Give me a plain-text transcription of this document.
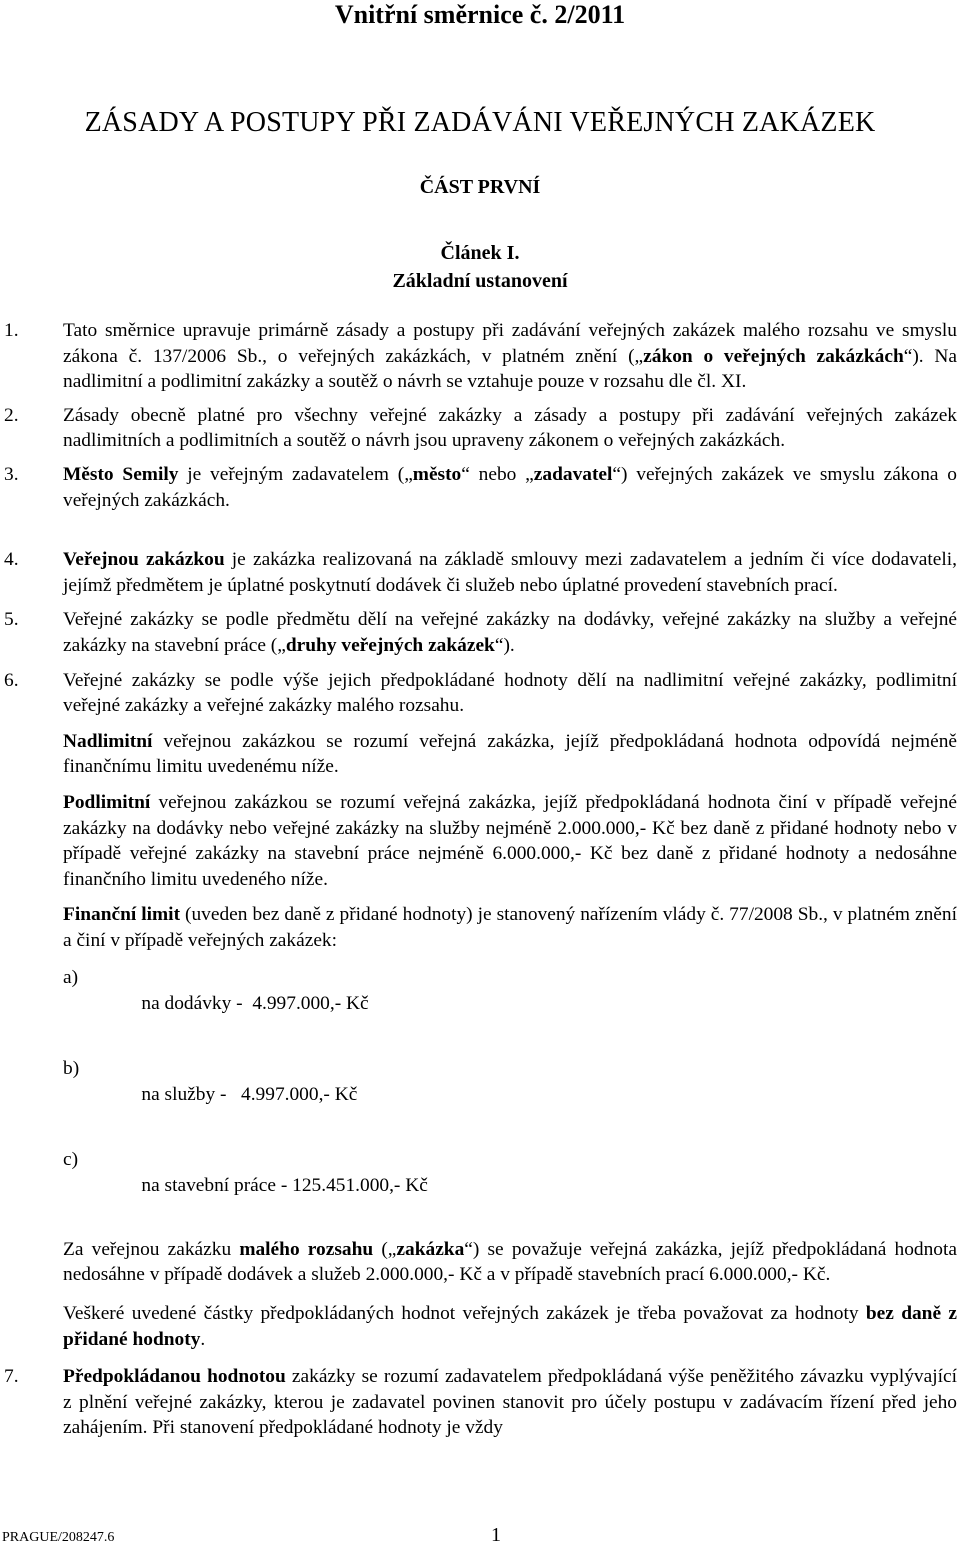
Vnitřní směrnice č. 2/2011
ZÁSADY A POSTUPY PŘI ZADÁVÁNI VEŘEJNÝCH ZAKÁZEK
ČÁST PRVNÍ
Článek I.
Základní ustanovení
1. Tato směrnice upravuje primárně zásady a postupy při zadávání veřejných zakázek malého rozsahu ve smyslu zákona č. 137/2006 Sb., o veřejných zakázkách, v platném znění („zákon o veřejných zakázkách“). Na nadlimitní a podlimitní zakázky a soutěž o návrh se vztahuje pouze v rozsahu dle čl. XI.
2. Zásady obecně platné pro všechny veřejné zakázky a zásady a postupy při zadávání veřejných zakázek nadlimitních a podlimitních a soutěž o návrh jsou upraveny zákonem o veřejných zakázkách.
3. Město Semily je veřejným zadavatelem („město“ nebo „zadavatel“) veřejných zakázek ve smyslu zákona o veřejných zakázkách.
4. Veřejnou zakázkou je zakázka realizovaná na základě smlouvy mezi zadavatelem a jedním či více dodavateli, jejímž předmětem je úplatné poskytnutí dodávek či služeb nebo úplatné provedení stavebních prací.
5. Veřejné zakázky se podle předmětu dělí na veřejné zakázky na dodávky, veřejné zakázky na služby a veřejné zakázky na stavební práce („druhy veřejných zakázek“).
6. Veřejné zakázky se podle výše jejich předpokládané hodnoty dělí na nadlimitní veřejné zakázky, podlimitní veřejné zakázky a veřejné zakázky malého rozsahu.
Nadlimitní veřejnou zakázkou se rozumí veřejná zakázka, jejíž předpokládaná hodnota odpovídá nejméně finančnímu limitu uvedenému níže.
Podlimitní veřejnou zakázkou se rozumí veřejná zakázka, jejíž předpokládaná hodnota činí v případě veřejné zakázky na dodávky nebo veřejné zakázky na služby nejméně 2.000.000,- Kč bez daně z přidané hodnoty nebo v případě veřejné zakázky na stavební práce nejméně 6.000.000,- Kč bez daně z přidané hodnoty a nedosáhne finančního limitu uvedeného níže.
Finanční limit (uveden bez daně z přidané hodnoty) je stanovený nařízením vlády č. 77/2008 Sb., v platném znění a činí v případě veřejných zakázek:

a)
na dodávky -  4.997.000,- Kč

b)
na služby -   4.997.000,- Kč

c)
na stavební práce - 125.451.000,- Kč

Za veřejnou zakázku malého rozsahu („zakázka“) se považuje veřejná zakázka, jejíž předpokládaná hodnota nedosáhne v případě dodávek a služeb 2.000.000,- Kč a v případě stavebních prací 6.000.000,- Kč.
Veškeré uvedené částky předpokládaných hodnot veřejných zakázek je třeba považovat za hodnoty bez daně z přidané hodnoty.
7. Předpokládanou hodnotou zakázky se rozumí zadavatelem předpokládaná výše peněžitého závazku vyplývající z plnění veřejné zakázky, kterou je zadavatel povinen stanovit pro účely postupu v zadávacím řízení před jeho zahájením. Při stanovení předpokládané hodnoty je vždy
PRAGUE/208247.6	1
